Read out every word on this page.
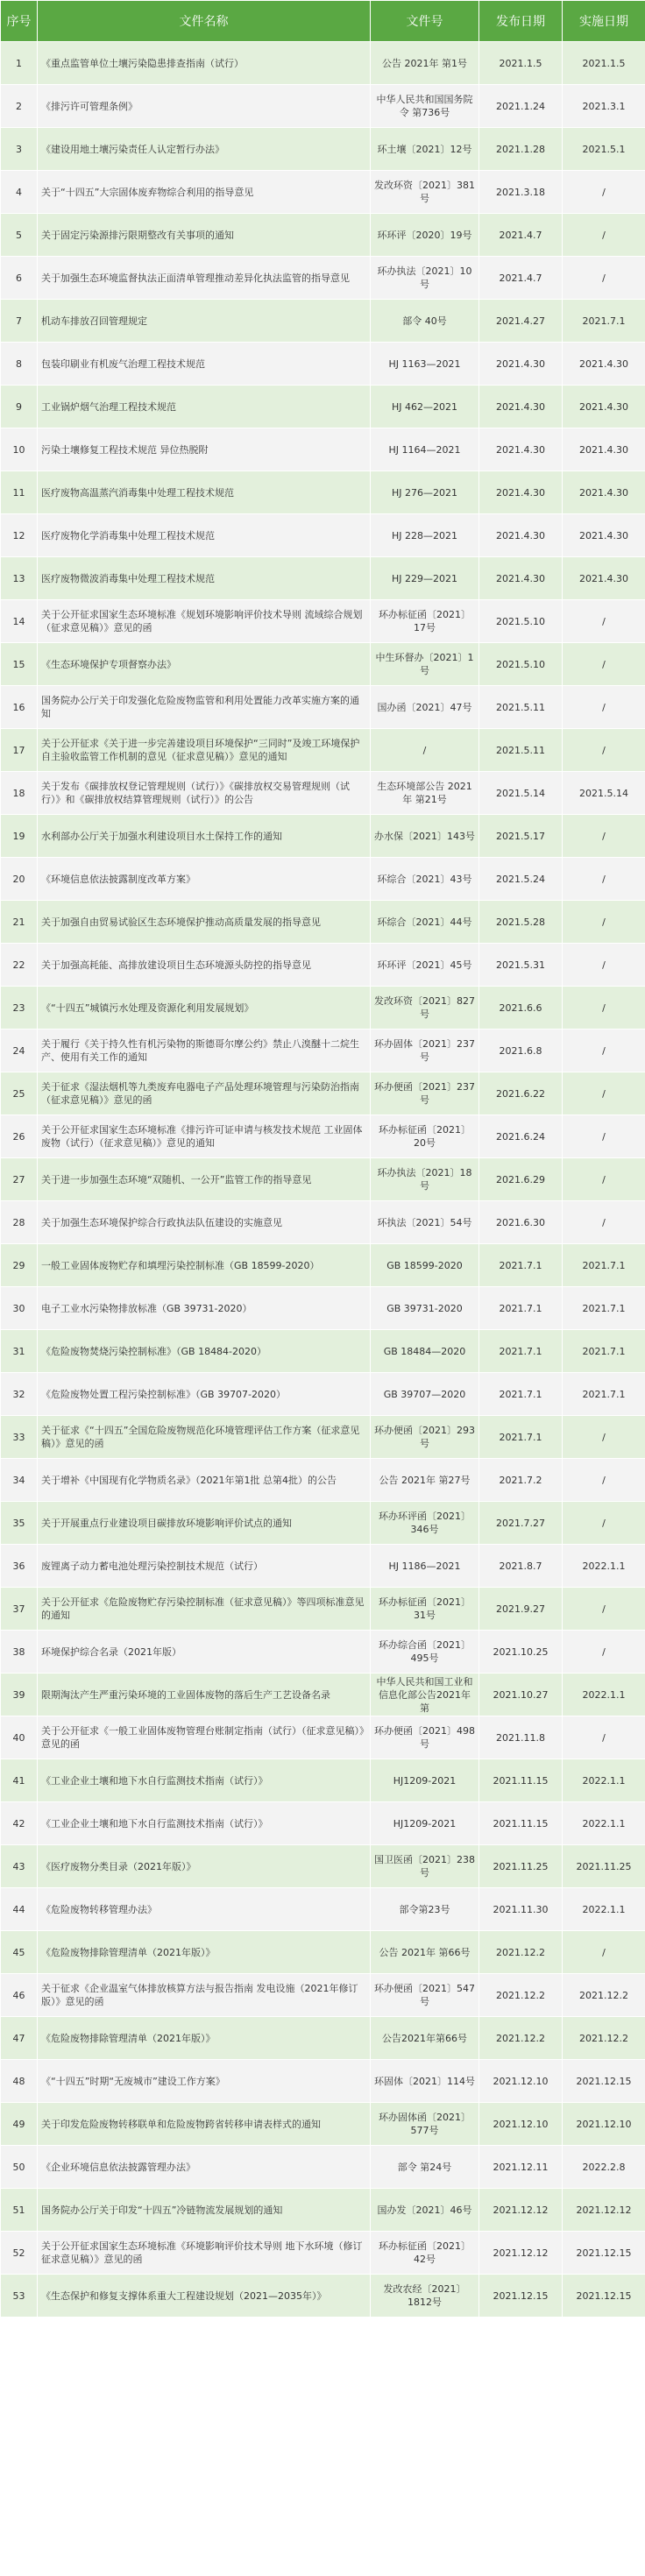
序号	文件名称	文件号	发布日期	实施日期
1	《重点监管单位土壤污染隐患排查指南（试行）	公告 2021年 第1号	2021.1.5	2021.1.5
2	《排污许可管理条例》	中华人民共和国国务院令 第736号	2021.1.24	2021.3.1
3	《建设用地土壤污染责任人认定暂行办法》	环土壤〔2021〕12号	2021.1.28	2021.5.1
4	关于“十四五”大宗固体废弃物综合利用的指导意见	发改环资〔2021〕381号	2021.3.18	/
5	关于固定污染源排污限期整改有关事项的通知	环环评〔2020〕19号	2021.4.7	/
6	关于加强生态环境监督执法正面清单管理推动差异化执法监管的指导意见	环办执法〔2021〕10号	2021.4.7	/
7	机动车排放召回管理规定	部令 40号	2021.4.27	2021.7.1
8	包装印刷业有机废气治理工程技术规范	HJ 1163—2021	2021.4.30	2021.4.30
9	工业锅炉烟气治理工程技术规范	HJ 462—2021	2021.4.30	2021.4.30
10	污染土壤修复工程技术规范 异位热脱附	HJ 1164—2021	2021.4.30	2021.4.30
11	医疗废物高温蒸汽消毒集中处理工程技术规范	HJ 276—2021	2021.4.30	2021.4.30
12	医疗废物化学消毒集中处理工程技术规范	HJ 228—2021	2021.4.30	2021.4.30
13	医疗废物微波消毒集中处理工程技术规范	HJ 229—2021	2021.4.30	2021.4.30
14	关于公开征求国家生态环境标准《规划环境影响评价技术导则 流域综合规划（征求意见稿）》意见的函	环办标征函〔2021〕17号	2021.5.10	/
15	《生态环境保护专项督察办法》	中生环督办〔2021〕1号	2021.5.10	/
16	国务院办公厅关于印发强化危险废物监管和利用处置能力改革实施方案的通知	国办函〔2021〕47号	2021.5.11	/
17	关于公开征求《关于进一步完善建设项目环境保护“三同时”及竣工环境保护自主验收监管工作机制的意见（征求意见稿）》意见的通知	/	2021.5.11	/
18	关于发布《碳排放权登记管理规则（试行）》《碳排放权交易管理规则（试行）》和《碳排放权结算管理规则（试行）》的公告	生态环境部公告 2021年 第21号	2021.5.14	2021.5.14
19	水利部办公厅关于加强水利建设项目水土保持工作的通知	办水保〔2021〕143号	2021.5.17	/
20	《环境信息依法披露制度改革方案》	环综合〔2021〕43号	2021.5.24	/
21	关于加强自由贸易试验区生态环境保护推动高质量发展的指导意见	环综合〔2021〕44号	2021.5.28	/
22	关于加强高耗能、高排放建设项目生态环境源头防控的指导意见	环环评〔2021〕45号	2021.5.31	/
23	《“十四五”城镇污水处理及资源化利用发展规划》	发改环资〔2021〕827号	2021.6.6	/
24	关于履行《关于持久性有机污染物的斯德哥尔摩公约》禁止八溴醚十二烷生产、使用有关工作的通知	环办固体〔2021〕237号	2021.6.8	/
25	关于征求《湿法烟机等九类废弃电器电子产品处理环境管理与污染防治指南（征求意见稿）》意见的函	环办便函〔2021〕237号	2021.6.22	/
26	关于公开征求国家生态环境标准《排污许可证申请与核发技术规范 工业固体废物（试行）（征求意见稿）》意见的通知	环办标征函〔2021〕20号	2021.6.24	/
27	关于进一步加强生态环境“双随机、一公开”监管工作的指导意见	环办执法〔2021〕18号	2021.6.29	/
28	关于加强生态环境保护综合行政执法队伍建设的实施意见	环执法〔2021〕54号	2021.6.30	/
29	一般工业固体废物贮存和填埋污染控制标准（GB 18599-2020）	GB 18599-2020	2021.7.1	2021.7.1
30	电子工业水污染物排放标准（GB 39731-2020）	GB 39731-2020	2021.7.1	2021.7.1
31	《危险废物焚烧污染控制标准》（GB 18484-2020）	GB 18484—2020	2021.7.1	2021.7.1
32	《危险废物处置工程污染控制标准》（GB 39707-2020）	GB 39707—2020	2021.7.1	2021.7.1
33	关于征求《“十四五”全国危险废物规范化环境管理评估工作方案（征求意见稿）》意见的函	环办便函〔2021〕293号	2021.7.1	/
34	关于增补《中国现有化学物质名录》（2021年第1批 总第4批）的公告	公告 2021年 第27号	2021.7.2	/
35	关于开展重点行业建设项目碳排放环境影响评价试点的通知	环办环评函〔2021〕346号	2021.7.27	/
36	废锂离子动力蓄电池处理污染控制技术规范（试行）	HJ 1186—2021	2021.8.7	2022.1.1
37	关于公开征求《危险废物贮存污染控制标准（征求意见稿）》等四项标准意见的通知	环办标征函〔2021〕31号	2021.9.27	/
38	环境保护综合名录（2021年版）	环办综合函〔2021〕495号	2021.10.25	/
39	限期淘汰产生严重污染环境的工业固体废物的落后生产工艺设备名录	中华人民共和国工业和信息化部公告2021年第	2021.10.27	2022.1.1
40	关于公开征求《一般工业固体废物管理台账制定指南（试行）（征求意见稿）》意见的函	环办便函〔2021〕498号	2021.11.8	/
41	《工业企业土壤和地下水自行监测技术指南（试行）》	HJ1209-2021	2021.11.15	2022.1.1
42	《工业企业土壤和地下水自行监测技术指南（试行）》	HJ1209-2021	2021.11.15	2022.1.1
43	《医疗废物分类目录（2021年版）》	国卫医函〔2021〕238号	2021.11.25	2021.11.25
44	《危险废物转移管理办法》	部令第23号	2021.11.30	2022.1.1
45	《危险废物排除管理清单（2021年版）》	公告 2021年 第66号	2021.12.2	/
46	关于征求《企业温室气体排放核算方法与报告指南 发电设施（2021年修订版）》意见的函	环办便函〔2021〕547号	2021.12.2	2021.12.2
47	《危险废物排除管理清单（2021年版）》	公告2021年第66号	2021.12.2	2021.12.2
48	《“十四五”时期“无废城市”建设工作方案》	环固体〔2021〕114号	2021.12.10	2021.12.15
49	关于印发危险废物转移联单和危险废物跨省转移申请表样式的通知	环办固体函〔2021〕577号	2021.12.10	2021.12.10
50	《企业环境信息依法披露管理办法》	部令 第24号	2021.12.11	2022.2.8
51	国务院办公厅关于印发“十四五”冷链物流发展规划的通知	国办发〔2021〕46号	2021.12.12	2021.12.12
52	关于公开征求国家生态环境标准《环境影响评价技术导则 地下水环境（修订征求意见稿）》意见的函	环办标征函〔2021〕42号	2021.12.12	2021.12.15
53	《生态保护和修复支撑体系重大工程建设规划（2021—2035年）》	发改农经〔2021〕1812号	2021.12.15	2021.12.15
